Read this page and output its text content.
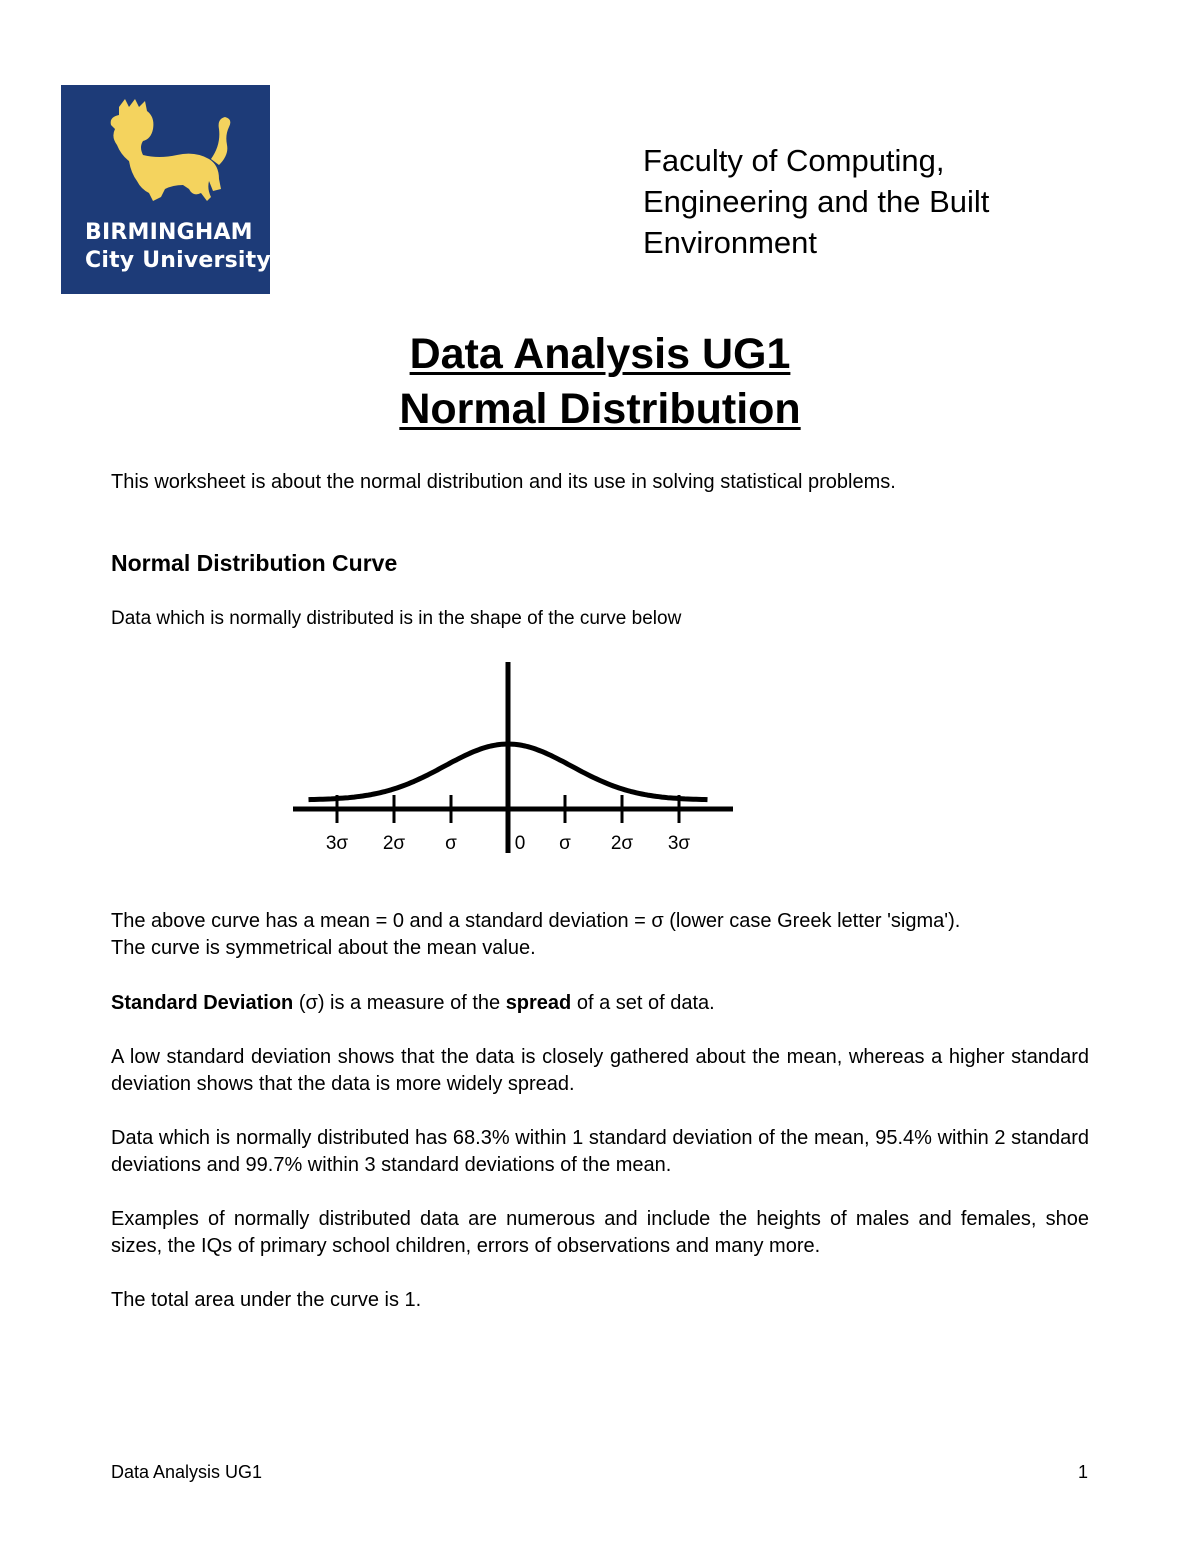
BIRMINGHAM
City University
Faculty of Computing,
Engineering and the Built
Environment
Data Analysis UG1
Normal Distribution

This worksheet is about the normal distribution and its use in solving statistical problems.

Normal Distribution Curve

Data which is normally distributed is in the shape of the curve below

3σ 2σ σ	0 σ 2σ 3σ

The above curve has a mean = 0 and a standard deviation = σ (lower case Greek letter 'sigma').
The curve is symmetrical about the mean value.

Standard Deviation (σ) is a measure of the spread of a set of data.

A low standard deviation shows that the data is closely gathered about the mean, whereas a higher standard deviation shows that the data is more widely spread.

Data which is normally distributed has 68.3% within 1 standard deviation of the mean, 95.4% within 2 standard deviations and 99.7% within 3 standard deviations of the mean.

Examples of normally distributed data are numerous and include the heights of males and females, shoe sizes, the IQs of primary school children, errors of observations and many more.

The total area under the curve is 1.

Data Analysis UG1	1
